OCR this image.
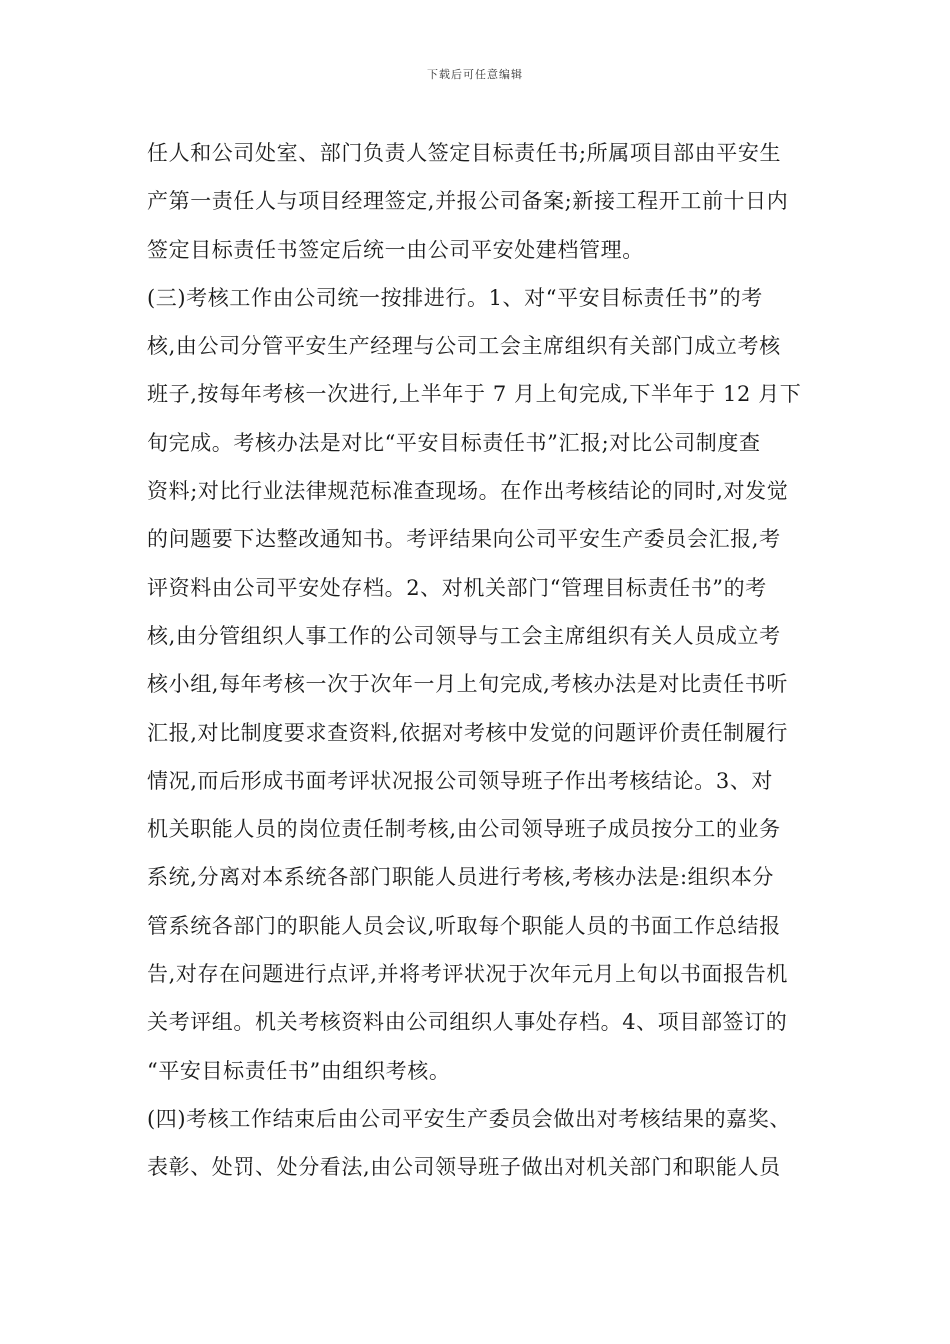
下载后可任意编辑
任人和公司处室、部门负责人签定目标责任书;所属项目部由平安生
产第一责任人与项目经理签定,并报公司备案;新接工程开工前十日内
签定目标责任书签定后统一由公司平安处建档管理。
(三)考核工作由公司统一按排进行。1、对“平安目标责任书”的考
核,由公司分管平安生产经理与公司工会主席组织有关部门成立考核
班子,按每年考核一次进行,上半年于 7 月上旬完成,下半年于 12 月下
旬完成。考核办法是对比“平安目标责任书”汇报;对比公司制度查
资料;对比行业法律规范标准查现场。在作出考核结论的同时,对发觉
的问题要下达整改通知书。考评结果向公司平安生产委员会汇报,考
评资料由公司平安处存档。2、对机关部门“管理目标责任书”的考
核,由分管组织人事工作的公司领导与工会主席组织有关人员成立考
核小组,每年考核一次于次年一月上旬完成,考核办法是对比责任书听
汇报,对比制度要求查资料,依据对考核中发觉的问题评价责任制履行
情况,而后形成书面考评状况报公司领导班子作出考核结论。3、对
机关职能人员的岗位责任制考核,由公司领导班子成员按分工的业务
系统,分离对本系统各部门职能人员进行考核,考核办法是:组织本分
管系统各部门的职能人员会议,听取每个职能人员的书面工作总结报
告,对存在问题进行点评,并将考评状况于次年元月上旬以书面报告机
关考评组。机关考核资料由公司组织人事处存档。4、项目部签订的
“平安目标责任书”由组织考核。
(四)考核工作结束后由公司平安生产委员会做出对考核结果的嘉奖、
表彰、处罚、处分看法,由公司领导班子做出对机关部门和职能人员
